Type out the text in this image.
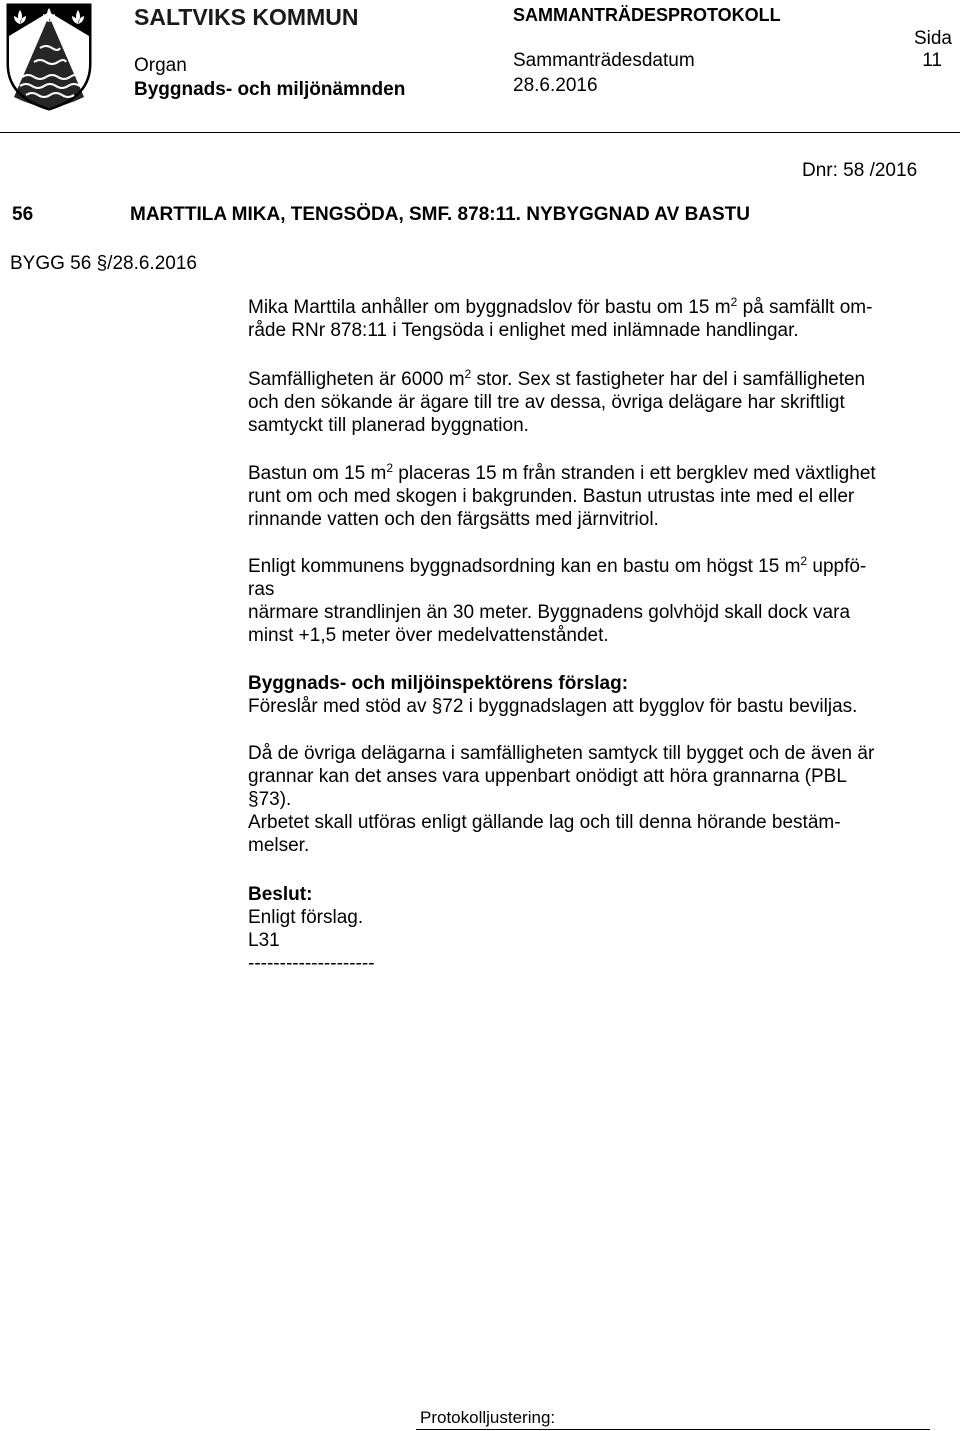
SALTVIKS KOMMUN
Organ
Byggnads- och miljönämnden
SAMMANTRÄDESPROTOKOLL
Sammanträdesdatum
28.6.2016
Sida
11
Dnr: 58 /2016
56	MARTTILA MIKA, TENGSÖDA, SMF. 878:11. NYBYGGNAD AV BASTU
BYGG 56 §/28.6.2016
Mika Marttila anhåller om byggnadslov för bastu om 15 $m^2$ på samfällt om-
råde RNr 878:11 i Tengsöda i enlighet med inlämnade handlingar.
Samfälligheten är 6000 $m^2$ stor. Sex st fastigheter har del i samfälligheten
och den sökande är ägare till tre av dessa, övriga delägare har skriftligt
samtyckt till planerad byggnation.
Bastun om 15 $m^2$ placeras 15 m från stranden i ett bergklev med växtlighet
runt om och med skogen i bakgrunden. Bastun utrustas inte med el eller
rinnande vatten och den färgsätts med järnvitriol.
Enligt kommunens byggnadsordning kan en bastu om högst 15 $m^2$ uppfö-
ras
närmare strandlinjen än 30 meter. Byggnadens golvhöjd skall dock vara
minst +1,5 meter över medelvattenståndet.
Byggnads- och miljöinspektörens förslag:
Föreslår med stöd av §72 i byggnadslagen att bygglov för bastu beviljas.
Då de övriga delägarna i samfälligheten samtyck till bygget och de även är
grannar kan det anses vara uppenbart onödigt att höra grannarna (PBL
§73).
Arbetet skall utföras enligt gällande lag och till denna hörande bestäm-
melser.
Beslut:
Enligt förslag.
L31
--------------------
Protokolljustering:
